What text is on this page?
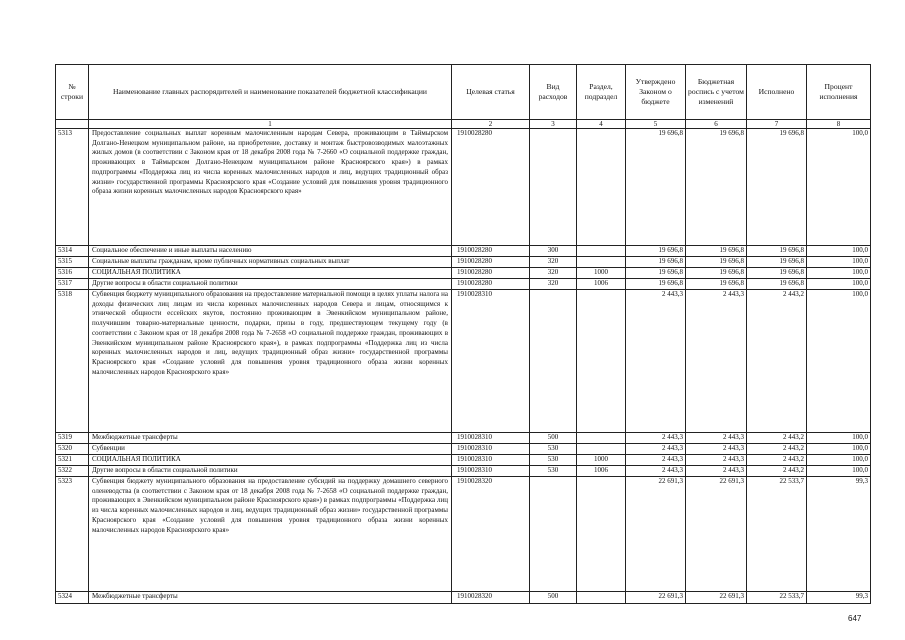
№ строки	Наименование главных распорядителей и наименование показателей бюджетной классификации	Целевая статья	Вид расходов	Раздел, подраздел	Утверждено Законом о бюджете	Бюджетная роспись с учетом изменений	Исполнено	Процент исполнения
	1	2	3	4	5	6	7	8
5313	Предоставление социальных выплат коренным малочисленным народам Севера, проживающим в Таймырском Долгано-Ненецком муниципальном районе, на приобретение, доставку и монтаж быстровозводимых малоэтажных жилых домов (в соответствии с Законом края от 18 декабря 2008 года № 7-2660 «О социальной поддержке граждан, проживающих в Таймырском Долгано-Ненецком муниципальном районе Красноярского края») в рамках подпрограммы «Поддержка лиц из числа коренных малочисленных народов и лиц, ведущих традиционный образ жизни» государственной программы Красноярского края «Создание условий для повышения уровня традиционного образа жизни коренных малочисленных народов Красноярского края»	1910028280			19 696,8	19 696,8	19 696,8	100,0
5314	Социальное обеспечение и иные выплаты населению	1910028280	300		19 696,8	19 696,8	19 696,8	100,0
5315	Социальные выплаты гражданам, кроме публичных нормативных социальных выплат	1910028280	320		19 696,8	19 696,8	19 696,8	100,0
5316	СОЦИАЛЬНАЯ ПОЛИТИКА	1910028280	320	1000	19 696,8	19 696,8	19 696,8	100,0
5317	Другие вопросы в области социальной политики	1910028280	320	1006	19 696,8	19 696,8	19 696,8	100,0
5318	Субвенция бюджету муниципального образования на предоставление материальной помощи в целях уплаты налога на доходы физических лиц лицам из числа коренных малочисленных народов Севера и лицам, относящимся к этнической общности ессейских якутов, постоянно проживающим в Эвенкийском муниципальном районе, получившим товарно-материальные ценности, подарки, призы в году, предшествующем текущему году (в соответствии с Законом края от 18 декабря 2008 года № 7-2658 «О социальной поддержке граждан, проживающих в Эвенкийском муниципальном районе Красноярского края»), в рамках подпрограммы «Поддержка лиц из числа коренных малочисленных народов и лиц, ведущих традиционный образ жизни» государственной программы Красноярского края «Создание условий для повышения уровня традиционного образа жизни коренных малочисленных народов Красноярского края»	1910028310			2 443,3	2 443,3	2 443,2	100,0
5319	Межбюджетные трансферты	1910028310	500		2 443,3	2 443,3	2 443,2	100,0
5320	Субвенции	1910028310	530		2 443,3	2 443,3	2 443,2	100,0
5321	СОЦИАЛЬНАЯ ПОЛИТИКА	1910028310	530	1000	2 443,3	2 443,3	2 443,2	100,0
5322	Другие вопросы в области социальной политики	1910028310	530	1006	2 443,3	2 443,3	2 443,2	100,0
5323	Субвенция бюджету муниципального образования на предоставление субсидий на поддержку домашнего северного оленеводства (в соответствии с Законом края от 18 декабря 2008 года № 7-2658 «О социальной поддержке граждан, проживающих в Эвенкийском муниципальном районе Красноярского края») в рамках подпрограммы «Поддержка лиц из числа коренных малочисленных народов и лиц, ведущих традиционный образ жизни» государственной программы Красноярского края «Создание условий для повышения уровня традиционного образа жизни коренных малочисленных народов Красноярского края»	1910028320			22 691,3	22 691,3	22 533,7	99,3
5324	Межбюджетные трансферты	1910028320	500		22 691,3	22 691,3	22 533,7	99,3
647
